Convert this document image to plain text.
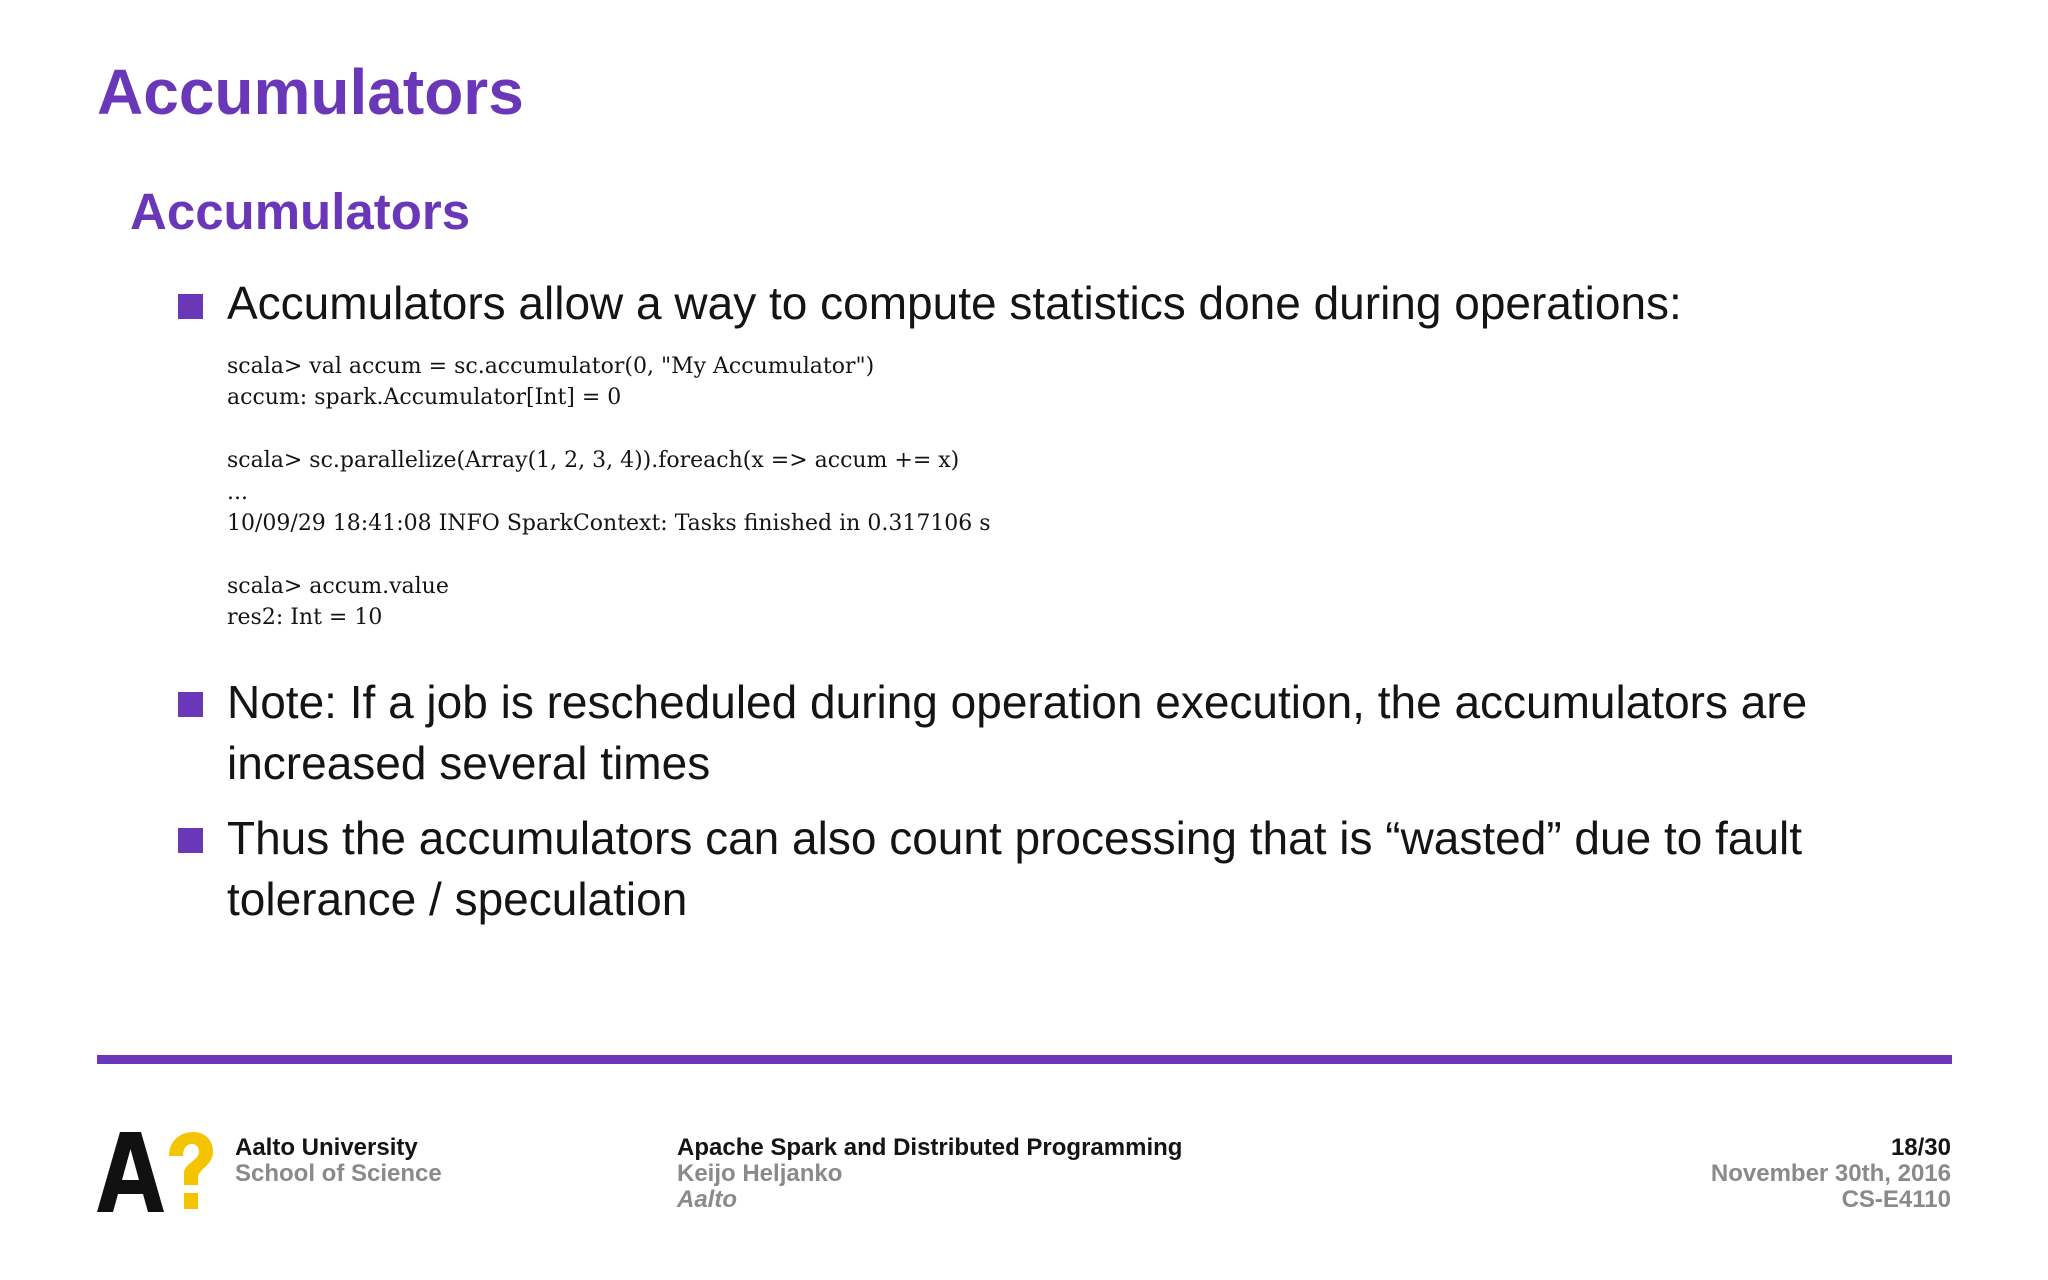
Accumulators
Accumulators
Accumulators allow a way to compute statistics done during operations:
scala> val accum = sc.accumulator(0, "My Accumulator")
accum: spark.Accumulator[Int] = 0
scala> sc.parallelize(Array(1, 2, 3, 4)).foreach(x => accum += x)
...
10/09/29 18:41:08 INFO SparkContext: Tasks finished in 0.317106 s
scala> accum.value
res2: Int = 10
Note: If a job is rescheduled during operation execution, the accumulators are
increased several times
Thus the accumulators can also count processing that is “wasted” due to fault
tolerance / speculation
Aalto University
School of Science
Apache Spark and Distributed Programming
Keijo Heljanko
Aalto
18/30
November 30th, 2016
CS-E4110
